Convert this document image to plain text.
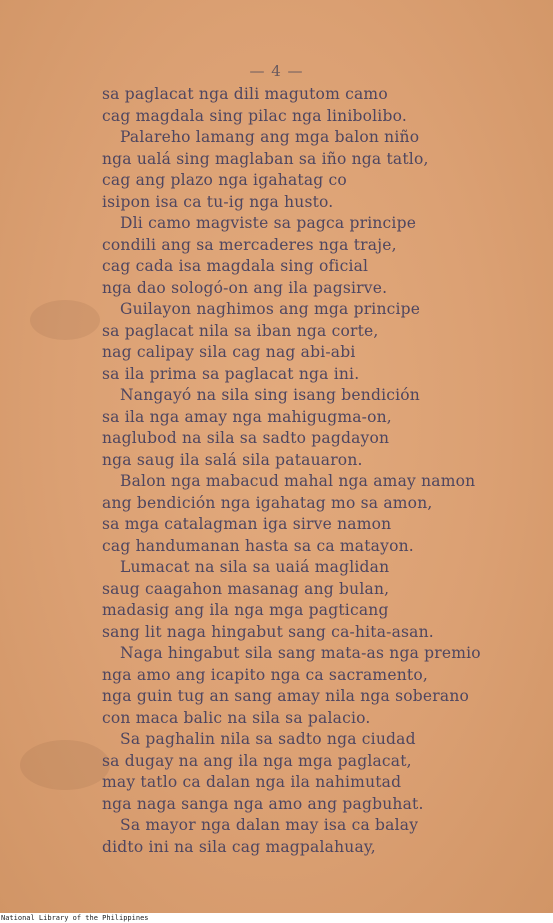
— 4 —
sa paglacat nga dili magutom camo
cag magdala sing pilac nga linibolibo.
Palareho lamang ang mga balon niño
nga ualá sing maglaban sa iño nga tatlo,
cag ang plazo nga igahatag co
isipon isa ca tu-ig nga husto.
Dli camo magviste sa pagca principe
condili ang sa mercaderes nga traje,
cag cada isa magdala sing oficial
nga dao sologó-on ang ila pagsirve.
Guilayon naghimos ang mga principe
sa paglacat nila sa iban nga corte,
nag calipay sila cag nag abi-abi
sa ila prima sa paglacat nga ini.
Nangayó na sila sing isang bendición
sa ila nga amay nga mahigugma-on,
naglubod na sila sa sadto pagdayon
nga saug ila salá sila patauaron.
Balon nga mabacud mahal nga amay namon
ang bendición nga igahatag mo sa amon,
sa mga catalagman iga sirve namon
cag handumanan hasta sa ca matayon.
Lumacat na sila sa uaiá maglidan
saug caagahon masanag ang bulan,
madasig ang ila nga mga pagticang
sang lit naga hingabut sang ca-hita-asan.
Naga hingabut sila sang mata-as nga premio
nga amo ang icapito nga ca sacramento,
nga guin tug an sang amay nila nga soberano
con maca balic na sila sa palacio.
Sa paghalin nila sa sadto nga ciudad
sa dugay na ang ila nga mga paglacat,
may tatlo ca dalan nga ila nahimutad
nga naga sanga nga amo ang pagbuhat.
Sa mayor nga dalan may isa ca balay
didto ini na sila cag magpalahuay,
National Library of the Philippines
